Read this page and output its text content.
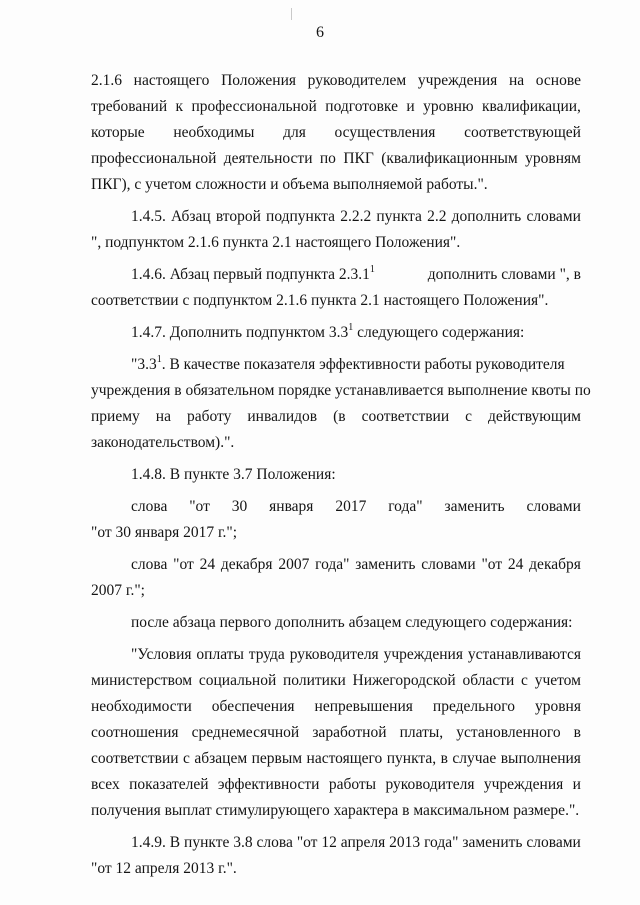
6
2.1.6 настоящего Положения руководителем учреждения на основе
требований к профессиональной подготовке и уровню квалификации,
которые необходимы для осуществления соответствующей
профессиональной деятельности по ПКГ (квалификационным уровням
ПКГ), с учетом сложности и объема выполняемой работы.".
1.4.5. Абзац второй подпункта 2.2.2 пункта 2.2 дополнить словами
", подпунктом 2.1.6 пункта 2.1 настоящего Положения".
1.4.6. Абзац первый подпункта 2.3.1$^1$	дополнить словами ", в
соответствии с подпунктом 2.1.6 пункта 2.1 настоящего Положения".
1.4.7. Дополнить подпунктом $3.3^1$ следующего содержания:
"$3.3^1$. В качестве показателя эффективности работы руководителя
учреждения в обязательном порядке устанавливается выполнение квоты по
приему на работу инвалидов (в соответствии с действующим
законодательством).".
1.4.8. В пункте 3.7 Положения:
слова "от 30 января 2017 года" заменить словами
"от 30 января 2017 г.";
слова "от 24 декабря 2007 года" заменить словами "от 24 декабря
2007 г.";
после абзаца первого дополнить абзацем следующего содержания:
"Условия оплаты труда руководителя учреждения устанавливаются
министерством социальной политики Нижегородской области с учетом
необходимости обеспечения непревышения предельного уровня
соотношения среднемесячной заработной платы, установленного в
соответствии с абзацем первым настоящего пункта, в случае выполнения
всех показателей эффективности работы руководителя учреждения и
получения выплат стимулирующего характера в максимальном размере.".
1.4.9. В пункте 3.8 слова "от 12 апреля 2013 года" заменить словами
"от 12 апреля 2013 г.".
